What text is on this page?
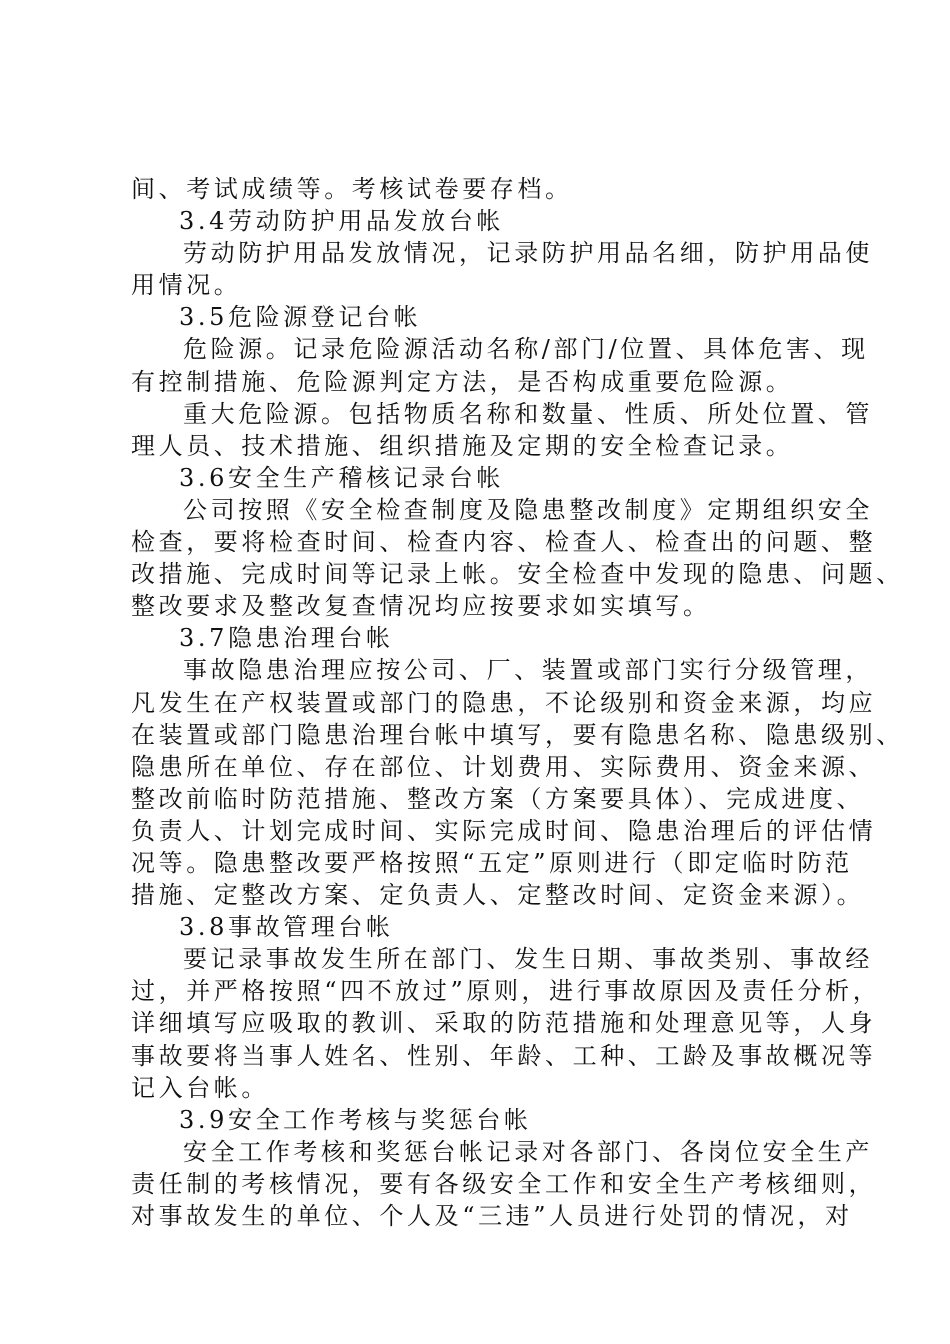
间、考试成绩等。考核试卷要存档。
3.4劳动防护用品发放台帐
劳动防护用品发放情况，记录防护用品名细，防护用品使
用情况。
3.5危险源登记台帐
危险源。记录危险源活动名称/部门/位置、具体危害、现
有控制措施、危险源判定方法，是否构成重要危险源。
重大危险源。包括物质名称和数量、性质、所处位置、管
理人员、技术措施、组织措施及定期的安全检查记录。
3.6安全生产稽核记录台帐
公司按照《安全检查制度及隐患整改制度》定期组织安全
检查，要将检查时间、检查内容、检查人、检查出的问题、整
改措施、完成时间等记录上帐。安全检查中发现的隐患、问题、
整改要求及整改复查情况均应按要求如实填写。
3.7隐患治理台帐
事故隐患治理应按公司、厂、装置或部门实行分级管理，
凡发生在产权装置或部门的隐患，不论级别和资金来源，均应
在装置或部门隐患治理台帐中填写，要有隐患名称、隐患级别、
隐患所在单位、存在部位、计划费用、实际费用、资金来源、
整改前临时防范措施、整改方案（方案要具体）、完成进度、
负责人、计划完成时间、实际完成时间、隐患治理后的评估情
况等。隐患整改要严格按照“五定”原则进行（即定临时防范
措施、定整改方案、定负责人、定整改时间、定资金来源）。
3.8事故管理台帐
要记录事故发生所在部门、发生日期、事故类别、事故经
过，并严格按照“四不放过”原则，进行事故原因及责任分析，
详细填写应吸取的教训、采取的防范措施和处理意见等，人身
事故要将当事人姓名、性别、年龄、工种、工龄及事故概况等
记入台帐。
3.9安全工作考核与奖惩台帐
安全工作考核和奖惩台帐记录对各部门、各岗位安全生产
责任制的考核情况，要有各级安全工作和安全生产考核细则，
对事故发生的单位、个人及“三违”人员进行处罚的情况，对
